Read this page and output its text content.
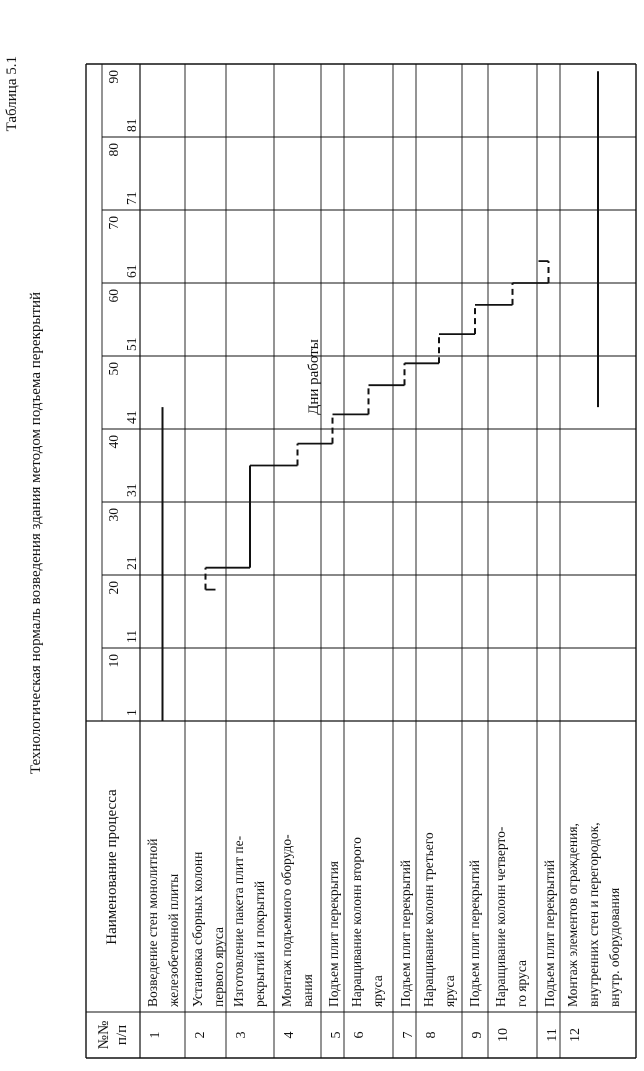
Таблица 5.1
Технологическая нормаль возведения здания методом подъема перекрытий
№№ п/п
Наименование процесса
Дни работы
1
10
11
20
21
30
31
40
41
50
51
60
61
70
71
80
81
90
1
Возведение стен монолитной железобетонной плиты
2
Установка сборных колонн первого яруса
3
Изготовление пакета плит пе- рекрытий и покрытий
4
Монтаж подъемного оборудо- вания
5
Подъем плит перекрытия
6
Наращивание колонн второго яруса
7
Подъем плит перекрытий
8
Наращивание колонн третьего яруса
9
Подъем плит перекрытий
10
Наращивание колонн четверто- го яруса
11
Подъем плит перекрытий
12
Монтаж элементов ограждения, внутренних стен и перегородок, внутр. оборудования
